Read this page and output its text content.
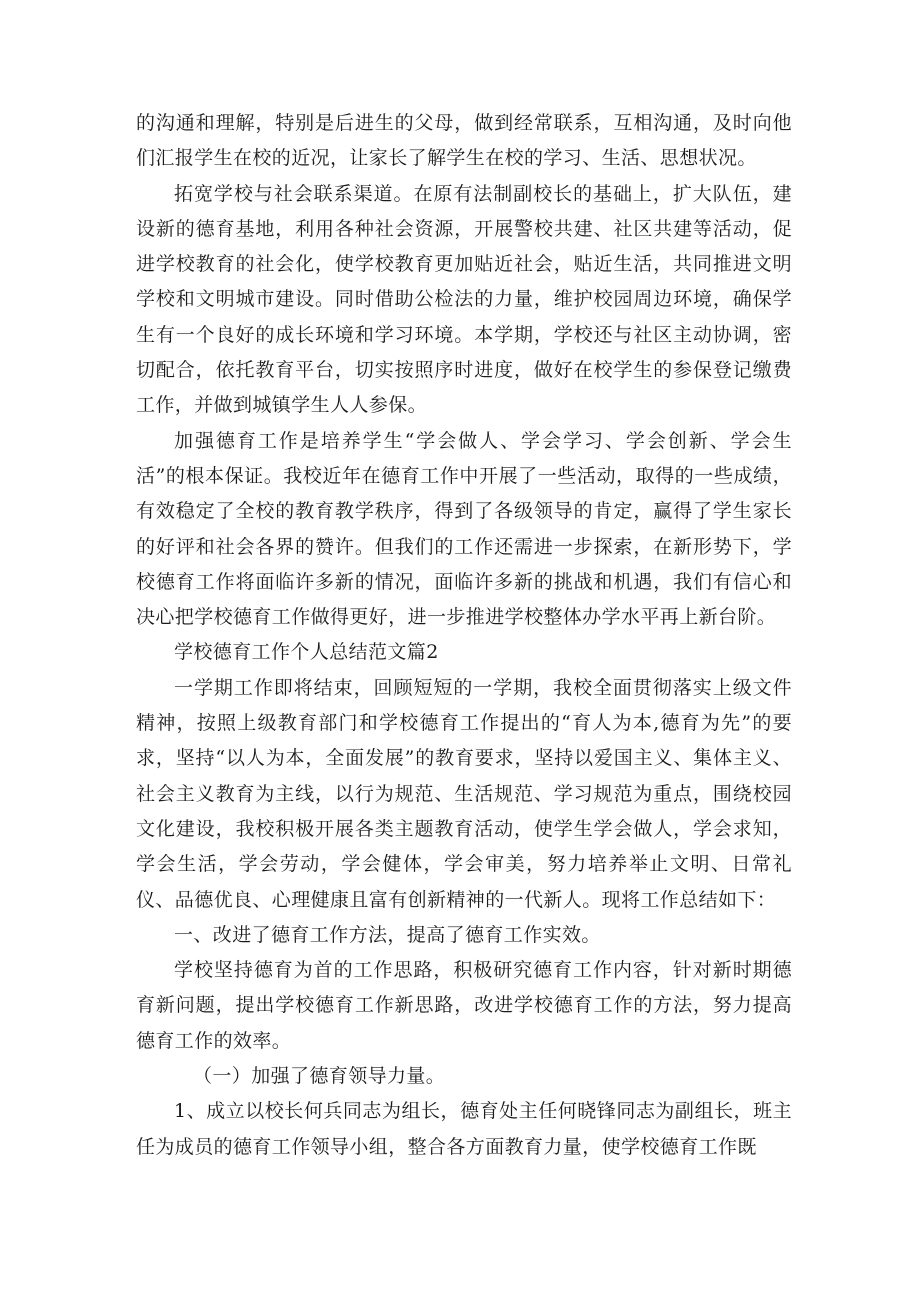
的沟通和理解，特别是后进生的父母，做到经常联系，互相沟通，及时向他们汇报学生在校的近况，让家长了解学生在校的学习、生活、思想状况。

拓宽学校与社会联系渠道。在原有法制副校长的基础上，扩大队伍，建设新的德育基地，利用各种社会资源，开展警校共建、社区共建等活动，促进学校教育的社会化，使学校教育更加贴近社会，贴近生活，共同推进文明学校和文明城市建设。同时借助公检法的力量，维护校园周边环境，确保学生有一个良好的成长环境和学习环境。本学期，学校还与社区主动协调，密切配合，依托教育平台，切实按照序时进度，做好在校学生的参保登记缴费工作，并做到城镇学生人人参保。

加强德育工作是培养学生“学会做人、学会学习、学会创新、学会生活”的根本保证。我校近年在德育工作中开展了一些活动，取得的一些成绩，有效稳定了全校的教育教学秩序，得到了各级领导的肯定，赢得了学生家长的好评和社会各界的赞许。但我们的工作还需进一步探索，在新形势下，学校德育工作将面临许多新的情况，面临许多新的挑战和机遇，我们有信心和决心把学校德育工作做得更好，进一步推进学校整体办学水平再上新台阶。

学校德育工作个人总结范文篇2

一学期工作即将结束，回顾短短的一学期，我校全面贯彻落实上级文件精神，按照上级教育部门和学校德育工作提出的“育人为本,德育为先”的要求，坚持“以人为本，全面发展”的教育要求，坚持以爱国主义、集体主义、社会主义教育为主线，以行为规范、生活规范、学习规范为重点，围绕校园文化建设，我校积极开展各类主题教育活动，使学生学会做人，学会求知，学会生活，学会劳动，学会健体，学会审美，努力培养举止文明、日常礼仪、品德优良、心理健康且富有创新精神的一代新人。现将工作总结如下：

一、改进了德育工作方法，提高了德育工作实效。

学校坚持德育为首的工作思路，积极研究德育工作内容，针对新时期德育新问题，提出学校德育工作新思路，改进学校德育工作的方法，努力提高德育工作的效率。

（一）加强了德育领导力量。

1、成立以校长何兵同志为组长，德育处主任何晓锋同志为副组长，班主任为成员的德育工作领导小组，整合各方面教育力量，使学校德育工作既
